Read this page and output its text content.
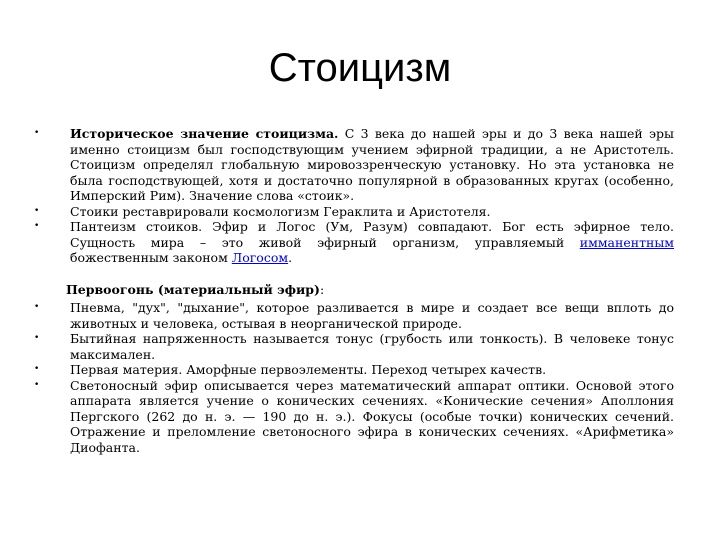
Стоицизм
•	Историческое значение стоицизма. С 3 века до нашей эры и до 3 века нашей эры именно стоицизм был господствующим учением эфирной традиции, а не Аристотель. Стоицизм определял глобальную мировоззренческую установку. Но эта установка не была господствующей, хотя и достаточно популярной в образованных кругах (особенно, Имперский Рим). Значение слова «стоик».
•	Стоики реставрировали космологизм Гераклита и Аристотеля.
•	Пантеизм стоиков. Эфир и Логос (Ум, Разум) совпадают. Бог есть эфирное тело. Сущность мира – это живой эфирный организм, управляемый имманентным божественным законом Логосом.
Первоогонь (материальный эфир):
•	Пневма, "дух", "дыхание", которое разливается в мире и создает все вещи вплоть до животных и человека, остывая в неорганической природе.
•	Бытийная напряженность называется тонус (грубость или тонкость). В человеке тонус максимален.
•	Первая материя. Аморфные первоэлементы. Переход четырех качеств.
•	Светоносный эфир описывается через математический аппарат оптики. Основой этого аппарата является учение о конических сечениях. «Конические сечения» Аполлония Пергского (262 до н. э. — 190 до н. э.). Фокусы (особые точки) конических сечений. Отражение и преломление светоносного эфира в конических сечениях. «Арифметика» Диофанта.
